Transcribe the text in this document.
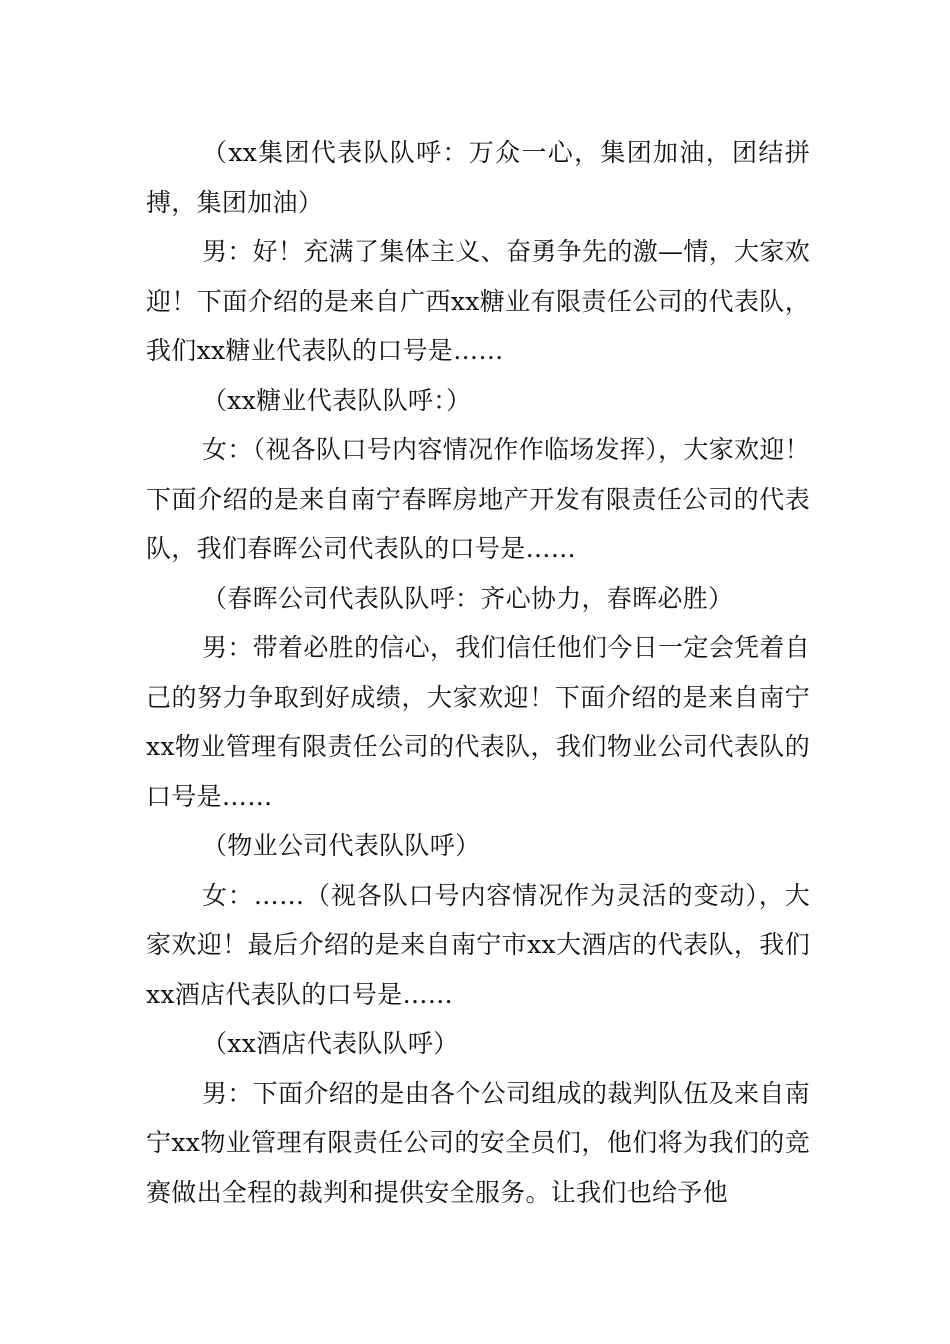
（xx集团代表队队呼：万众一心，集团加油，团结拼搏，集团加油）

男：好！充满了集体主义、奋勇争先的激—情，大家欢迎！下面介绍的是来自广西xx糖业有限责任公司的代表队，我们xx糖业代表队的口号是……

（xx糖业代表队队呼：）

女：（视各队口号内容情况作作临场发挥），大家欢迎！下面介绍的是来自南宁春晖房地产开发有限责任公司的代表队，我们春晖公司代表队的口号是……

（春晖公司代表队队呼：齐心协力，春晖必胜）

男：带着必胜的信心，我们信任他们今日一定会凭着自己的努力争取到好成绩，大家欢迎！下面介绍的是来自南宁xx物业管理有限责任公司的代表队，我们物业公司代表队的口号是……

（物业公司代表队队呼）

女：……（视各队口号内容情况作为灵活的变动），大家欢迎！最后介绍的是来自南宁市xx大酒店的代表队，我们xx酒店代表队的口号是……

（xx酒店代表队队呼）

男：下面介绍的是由各个公司组成的裁判队伍及来自南宁xx物业管理有限责任公司的安全员们，他们将为我们的竞赛做出全程的裁判和提供安全服务。让我们也给予他
